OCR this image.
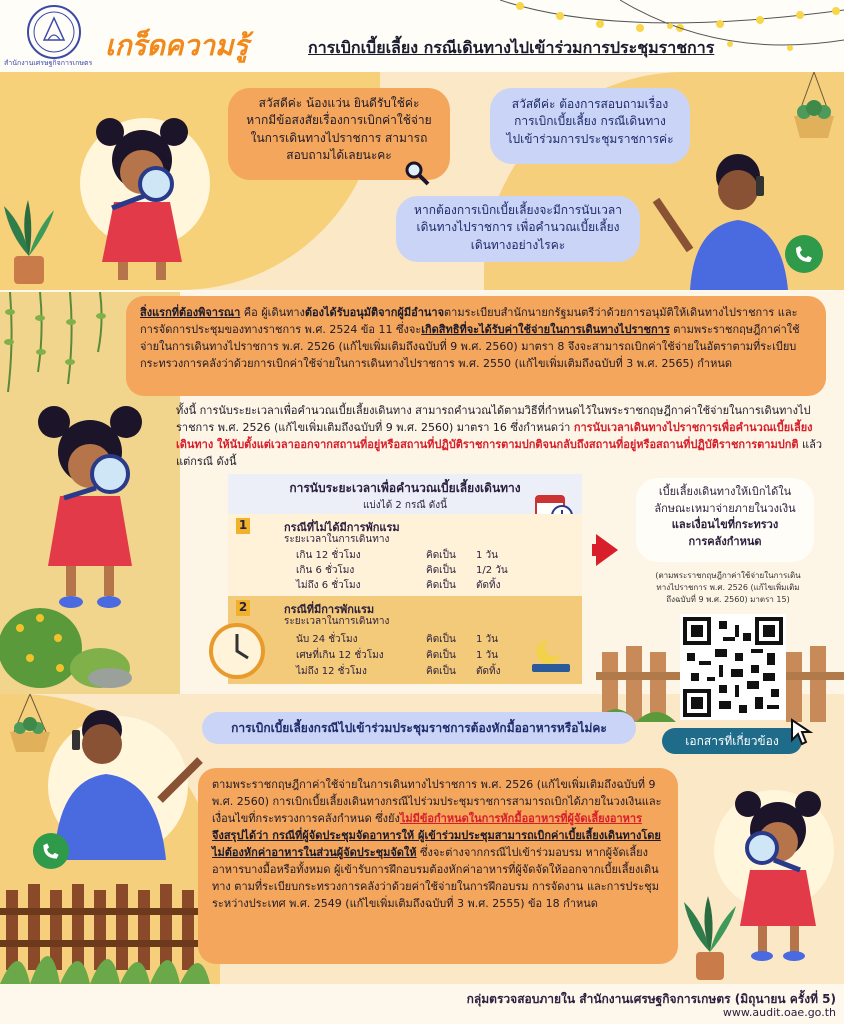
สำนักงานเศรษฐกิจการเกษตร
เกร็ดความรู้	การเบิกเบี้ยเลี้ยง กรณีเดินทางไปเข้าร่วมการประชุมราชการ
สวัสดีค่ะ น้องแว่น ยินดีรับใช้ค่ะ
หากมีข้อสงสัยเรื่องการเบิกค่าใช้จ่าย
ในการเดินทางไปราชการ สามารถ
สอบถามได้เลยนะคะ
สวัสดีค่ะ ต้องการสอบถามเรื่อง
การเบิกเบี้ยเลี้ยง กรณีเดินทาง
ไปเข้าร่วมการประชุมราชการค่ะ
หากต้องการเบิกเบี้ยเลี้ยงจะมีการนับเวลา
เดินทางไปราชการ เพื่อคำนวณเบี้ยเลี้ยง
เดินทางอย่างไรคะ
สิ่งแรกที่ต้องพิจารณา คือ ผู้เดินทางต้องได้รับอนุมัติจากผู้มีอำนาจตามระเบียบสำนักนายกรัฐมนตรีว่าด้วยการอนุมัติให้เดินทางไปราชการ และการจัดการประชุมของทางราชการ พ.ศ. 2524 ข้อ 11 ซึ่งจะเกิดสิทธิที่จะได้รับค่าใช้จ่ายในการเดินทางไปราชการ ตามพระราชกฤษฎีกาค่าใช้จ่ายในการเดินทางไปราชการ พ.ศ. 2526 (แก้ไขเพิ่มเติมถึงฉบับที่ 9 พ.ศ. 2560) มาตรา 8 จึงจะสามารถเบิกค่าใช้จ่ายในอัตราตามที่ระเบียบกระทรวงการคลังว่าด้วยการเบิกค่าใช้จ่ายในการเดินทางไปราชการ พ.ศ. 2550 (แก้ไขเพิ่มเติมถึงฉบับที่ 3 พ.ศ. 2565) กำหนด
ทั้งนี้ การนับระยะเวลาเพื่อคำนวณเบี้ยเลี้ยงเดินทาง สามารถคำนวณได้ตามวิธีที่กำหนดไว้ในพระราชกฤษฎีกาค่าใช้จ่ายในการเดินทางไปราชการ พ.ศ. 2526 (แก้ไขเพิ่มเติมถึงฉบับที่ 9 พ.ศ. 2560) มาตรา 16 ซึ่งกำหนดว่า การนับเวลาเดินทางไปราชการเพื่อคำนวณเบี้ยเลี้ยงเดินทาง ให้นับตั้งแต่เวลาออกจากสถานที่อยู่หรือสถานที่ปฏิบัติราชการตามปกติจนกลับถึงสถานที่อยู่หรือสถานที่ปฏิบัติราชการตามปกติ แล้วแต่กรณี ดังนี้
การนับระยะเวลาเพื่อคำนวณเบี้ยเลี้ยงเดินทาง
แบ่งได้ 2 กรณี ดังนี้
1	กรณีที่ไม่ได้มีการพักแรม
ระยะเวลาในการเดินทาง
เกิน 12 ชั่วโมง	คิดเป็น 1 วัน
เกิน 6 ชั่วโมง	คิดเป็น 1/2 วัน
ไม่ถึง 6 ชั่วโมง	คิดเป็น ตัดทิ้ง
2	กรณีที่มีการพักแรม
ระยะเวลาในการเดินทาง
นับ 24 ชั่วโมง	คิดเป็น 1 วัน
เศษที่เกิน 12 ชั่วโมง	คิดเป็น 1 วัน
ไม่ถึง 12 ชั่วโมง	คิดเป็น ตัดทิ้ง
เบี้ยเลี้ยงเดินทางให้เบิกได้ใน
ลักษณะเหมาจ่ายภายในวงเงิน
และเงื่อนไขที่กระทรวง
การคลังกำหนด
(ตามพระราชกฤษฎีกาค่าใช้จ่ายในการเดิน
ทางไปราชการ พ.ศ. 2526 (แก้ไขเพิ่มเติม
ถึงฉบับที่ 9 พ.ศ. 2560) มาตรา 15)
เอกสารที่เกี่ยวข้อง
การเบิกเบี้ยเลี้ยงกรณีไปเข้าร่วมประชุมราชการต้องหักมื้ออาหารหรือไม่คะ
ตามพระราชกฤษฎีกาค่าใช้จ่ายในการเดินทางไปราชการ พ.ศ. 2526 (แก้ไขเพิ่มเติมถึงฉบับที่ 9 พ.ศ. 2560) การเบิกเบี้ยเลี้ยงเดินทางกรณีไปร่วมประชุมราชการสามารถเบิกได้ภายในวงเงินและเงื่อนไขที่กระทรวงการคลังกำหนด ซึ่งยังไม่มีข้อกำหนดในการหักมื้ออาหารที่ผู้จัดเลี้ยงอาหาร
จึงสรุปได้ว่า กรณีที่ผู้จัดประชุมจัดอาหารให้ ผู้เข้าร่วมประชุมสามารถเบิกค่าเบี้ยเลี้ยงเดินทางโดยไม่ต้องหักค่าอาหารในส่วนผู้จัดประชุมจัดให้ ซึ่งจะต่างจากกรณีไปเข้าร่วมอบรม หากผู้จัดเลี้ยงอาหารบางมื้อหรือทั้งหมด ผู้เข้ารับการฝึกอบรมต้องหักค่าอาหารที่ผู้จัดจัดให้ออกจากเบี้ยเลี้ยงเดินทาง ตามที่ระเบียบกระทรวงการคลังว่าด้วยค่าใช้จ่ายในการฝึกอบรม การจัดงาน และการประชุมระหว่างประเทศ พ.ศ. 2549 (แก้ไขเพิ่มเติมถึงฉบับที่ 3 พ.ศ. 2555) ข้อ 18 กำหนด
กลุ่มตรวจสอบภายใน สำนักงานเศรษฐกิจการเกษตร (มิถุนายน ครั้งที่ 5)
www.audit.oae.go.th
